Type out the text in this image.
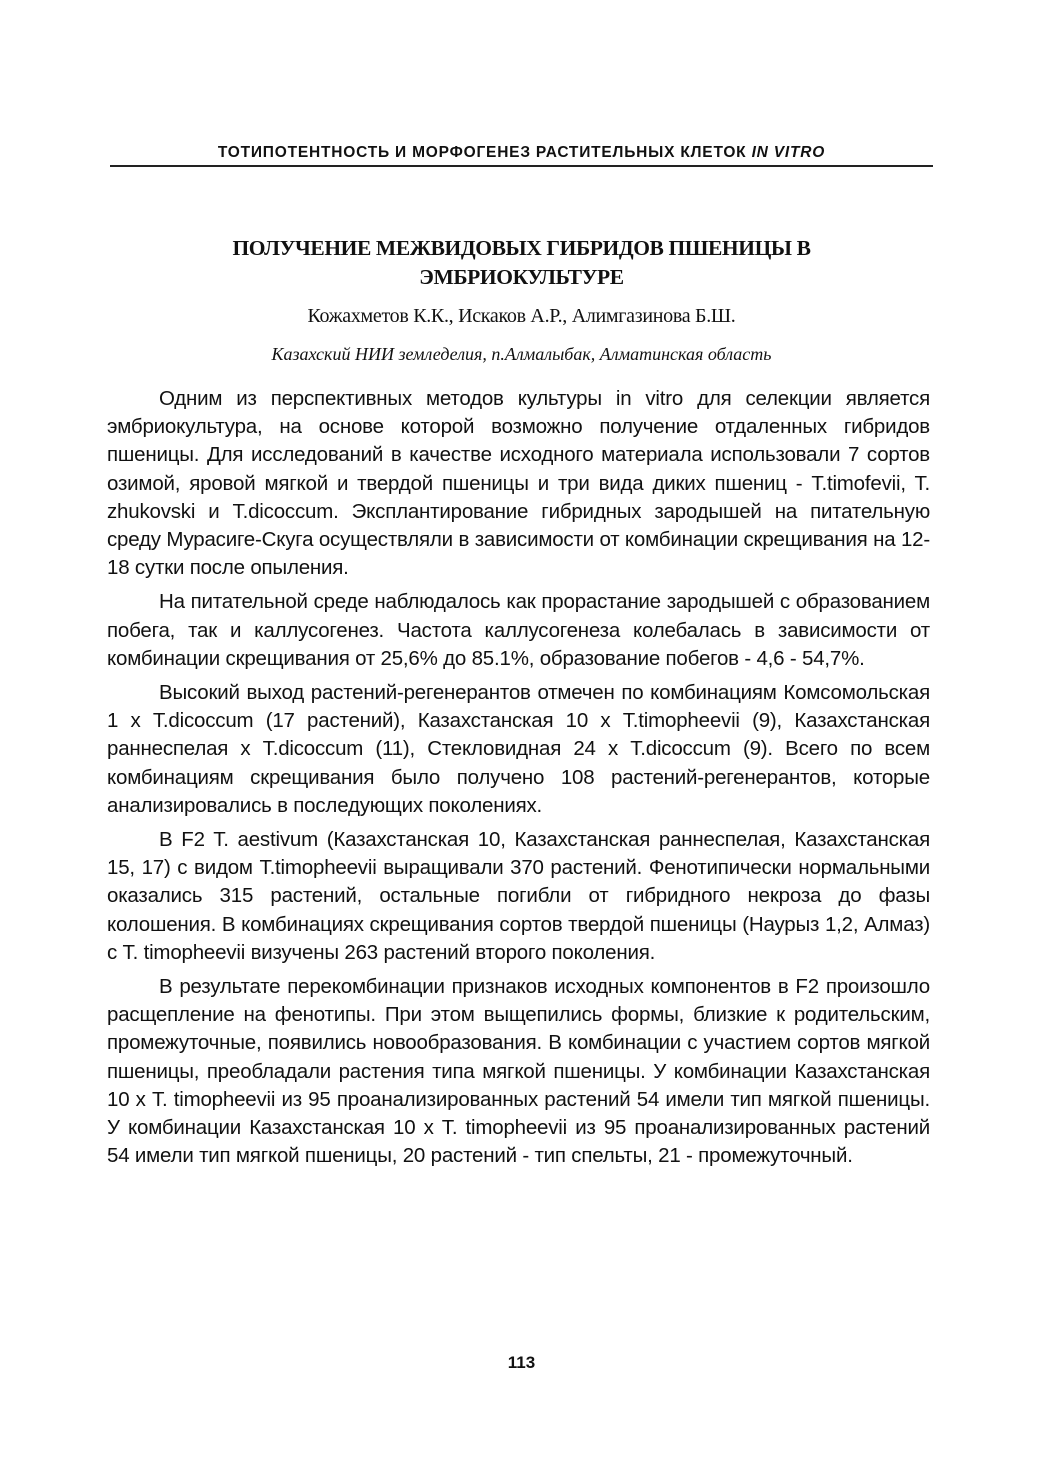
ТОТИПОТЕНТНОСТЬ И МОРФОГЕНЕЗ РАСТИТЕЛЬНЫХ КЛЕТОК IN VITRO
ПОЛУЧЕНИЕ МЕЖВИДОВЫХ ГИБРИДОВ ПШЕНИЦЫ В
ЭМБРИОКУЛЬТУРЕ
Кожахметов К.К., Искаков А.Р., Алимгазинова Б.Ш.
Казахский НИИ земледелия, п.Алмалыбак, Алматинская область

Одним из перспективных методов культуры in vitro для селекции является эмбриокультура, на основе которой возможно получение отдаленных гибридов пшеницы. Для исследований в качестве исходного материала использовали 7 сортов озимой, яровой мягкой и твердой пшеницы и три вида диких пшениц - T.timofevii, T. zhukovski и T.dicoccum. Эксплантирование гибридных зародышей на питательную среду Мурасиге-Скуга осуществляли в зависимости от комбинации скрещивания на 12-18 сутки после опыления.

На питательной среде наблюдалось как прорастание зародышей с образованием побега, так и каллусогенез. Частота каллусогенеза колебалась в зависимости от комбинации скрещивания от 25,6% до 85.1%, образование побегов - 4,6 - 54,7%.

Высокий выход растений-регенерантов отмечен по комбинациям Комсомольская 1 х T.dicoccum (17 растений), Казахстанская 10 х T.timopheevii (9), Казахстанская раннеспелая х T.dicoccum (11), Стекловидная 24 х T.dicoccum (9). Всего по всем комбинациям скрещивания было получено 108 растений-регенерантов, которые анализировались в последующих поколениях.

В F2 T. aestivum (Казахстанская 10, Казахстанская раннеспелая, Казахстанская 15, 17) с видом T.timopheevii выращивали 370 растений. Фенотипически нормальными оказались 315 растений, остальные погибли от гибридного некроза до фазы колошения. В комбинациях скрещивания сортов твердой пшеницы (Наурыз 1,2, Алмаз) с T. timopheevii визучены 263 растений второго поколения.

В результате перекомбинации признаков исходных компонентов в F2 произошло расщепление на фенотипы. При этом выщепились формы, близкие к родительским, промежуточные, появились новообразования. В комбинации с участием сортов мягкой пшеницы, преобладали растения типа мягкой пшеницы. У комбинации Казахстанская 10 х T. timopheevii из 95 проанализированных растений 54 имели тип мягкой пшеницы. У комбинации Казахстанская 10 х T. timopheevii из 95 проанализированных растений 54 имели тип мягкой пшеницы, 20 растений - тип спельты, 21 - промежуточный.

113
